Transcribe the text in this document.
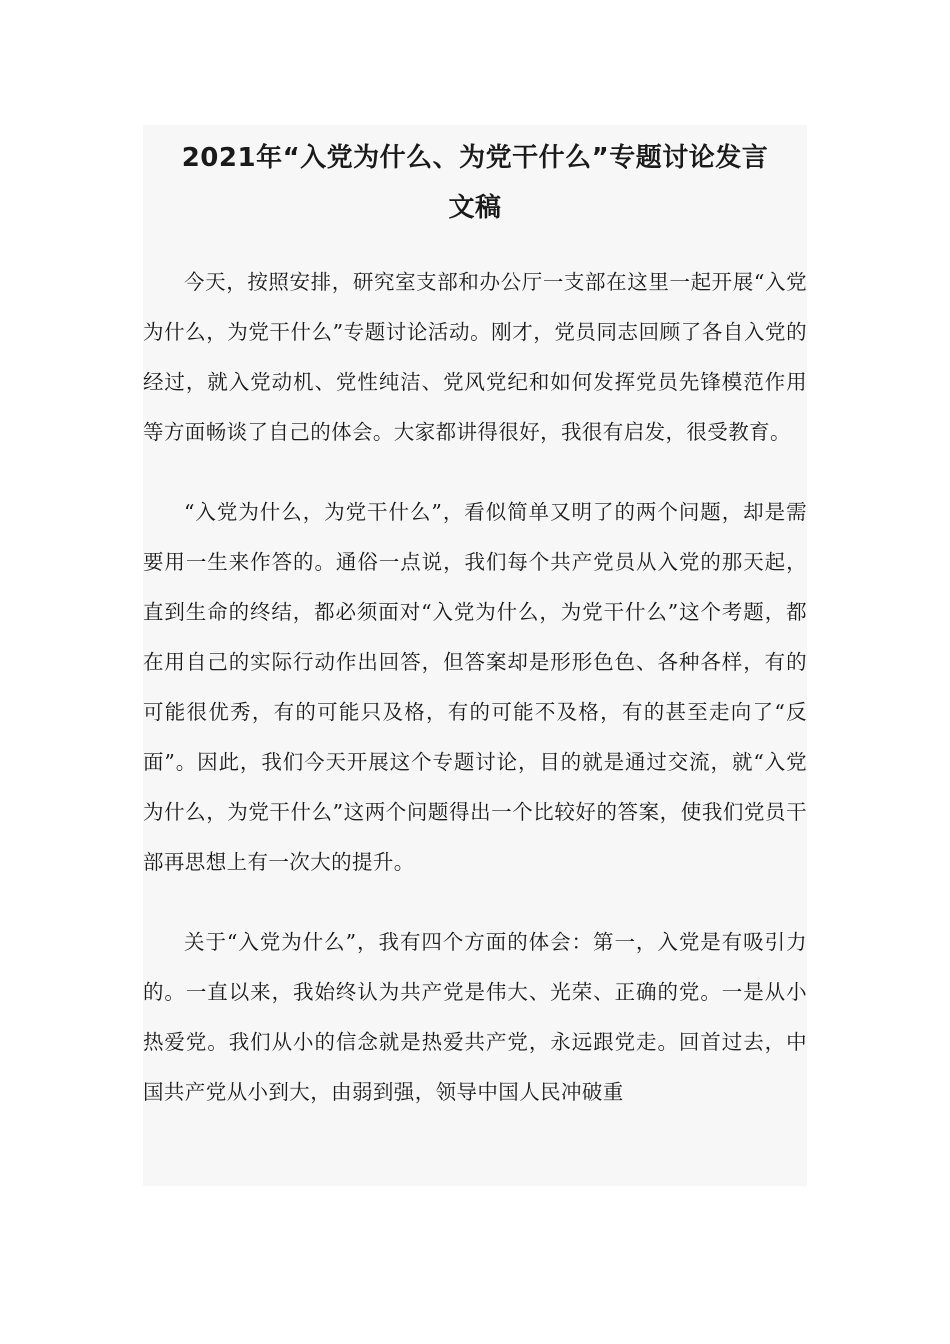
2021年“入党为什么、为党干什么”专题讨论发言
文稿

今天，按照安排，研究室支部和办公厅一支部在这里一起开展“入党为什么，为党干什么”专题讨论活动。刚才，党员同志回顾了各自入党的经过，就入党动机、党性纯洁、党风党纪和如何发挥党员先锋模范作用等方面畅谈了自己的体会。大家都讲得很好，我很有启发，很受教育。

“入党为什么，为党干什么”，看似简单又明了的两个问题，却是需要用一生来作答的。通俗一点说，我们每个共产党员从入党的那天起，直到生命的终结，都必须面对“入党为什么，为党干什么”这个考题，都在用自己的实际行动作出回答，但答案却是形形色色、各种各样，有的可能很优秀，有的可能只及格，有的可能不及格，有的甚至走向了“反面”。因此，我们今天开展这个专题讨论，目的就是通过交流，就“入党为什么，为党干什么”这两个问题得出一个比较好的答案，使我们党员干部再思想上有一次大的提升。

关于“入党为什么”，我有四个方面的体会：第一，入党是有吸引力的。一直以来，我始终认为共产党是伟大、光荣、正确的党。一是从小热爱党。我们从小的信念就是热爱共产党，永远跟党走。回首过去，中国共产党从小到大，由弱到强，领导中国人民冲破重
